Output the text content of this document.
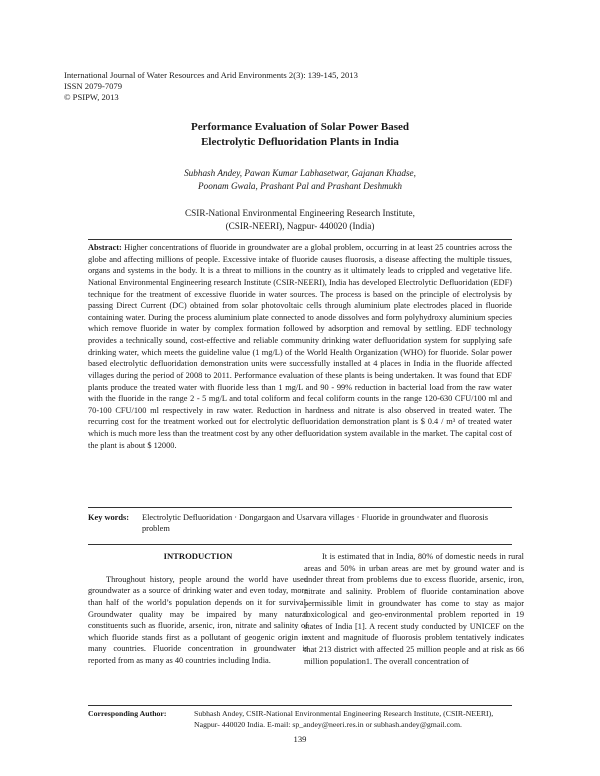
International Journal of Water Resources and Arid Environments 2(3): 139-145, 2013
ISSN 2079-7079
© PSIPW, 2013
Performance Evaluation of Solar Power Based
Electrolytic Defluoridation Plants in India
Subhash Andey, Pawan Kumar Labhasetwar, Gajanan Khadse,
Poonam Gwala, Prashant Pal and Prashant Deshmukh
CSIR-National Environmental Engineering Research Institute,
(CSIR-NEERI), Nagpur- 440020 (India)
Abstract: Higher concentrations of fluoride in groundwater are a global problem, occurring in at least 25 countries across the globe and affecting millions of people. Excessive intake of fluoride causes fluorosis, a disease affecting the multiple tissues, organs and systems in the body. It is a threat to millions in the country as it ultimately leads to crippled and vegetative life. National Environmental Engineering research Institute (CSIR-NEERI), India has developed Electrolytic Defluoridation (EDF) technique for the treatment of excessive fluoride in water sources. The process is based on the principle of electrolysis by passing Direct Current (DC) obtained from solar photovoltaic cells through aluminium plate electrodes placed in fluoride containing water. During the process aluminium plate connected to anode dissolves and form polyhydroxy aluminium species which remove fluoride in water by complex formation followed by adsorption and removal by settling. EDF technology provides a technically sound, cost-effective and reliable community drinking water defluoridation system for supplying safe drinking water, which meets the guideline value (1 mg/L) of the World Health Organization (WHO) for fluoride. Solar power based electrolytic defluoridation demonstration units were successfully installed at 4 places in India in the fluoride affected villages during the period of 2008 to 2011. Performance evaluation of these plants is being undertaken. It was found that EDF plants produce the treated water with fluoride less than 1 mg/L and 90 - 99% reduction in bacterial load from the raw water with the fluoride in the range 2 - 5 mg/L and total coliform and fecal coliform counts in the range 120-630 CFU/100 ml and 70-100 CFU/100 ml respectively in raw water. Reduction in hardness and nitrate is also observed in treated water. The recurring cost for the treatment worked out for electrolytic defluoridation demonstration plant is $ 0.4 / m³ of treated water which is much more less than the treatment cost by any other defluoridation system available in the market. The capital cost of the plant is about $ 12000.
Key words: Electrolytic Defluoridation · Dongargaon and Usarvara villages · Fluoride in groundwater and fluorosis problem
INTRODUCTION

Throughout history, people around the world have used groundwater as a source of drinking water and even today, more than half of the world’s population depends on it for survival. Groundwater quality may be impaired by many natural constituents such as fluoride, arsenic, iron, nitrate and salinity of which fluoride stands first as a pollutant of geogenic origin in many countries. Fluoride concentration in groundwater is reported from as many as 40 countries including India.

It is estimated that in India, 80% of domestic needs in rural areas and 50% in urban areas are met by ground water and is under threat from problems due to excess fluoride, arsenic, iron, nitrate and salinity. Problem of fluoride contamination above permissible limit in groundwater has come to stay as major toxicological and geo-environmental problem reported in 19 states of India [1]. A recent study conducted by UNICEF on the extent and magnitude of fluorosis problem tentatively indicates that 213 district with affected 25 million people and at risk as 66 million population1. The overall concentration of

Corresponding Author:	Subhash Andey, CSIR-National Environmental Engineering Research Institute, (CSIR-NEERI), Nagpur- 440020 India. E-mail: sp_andey@neeri.res.in or subhash.andey@gmail.com.
139
